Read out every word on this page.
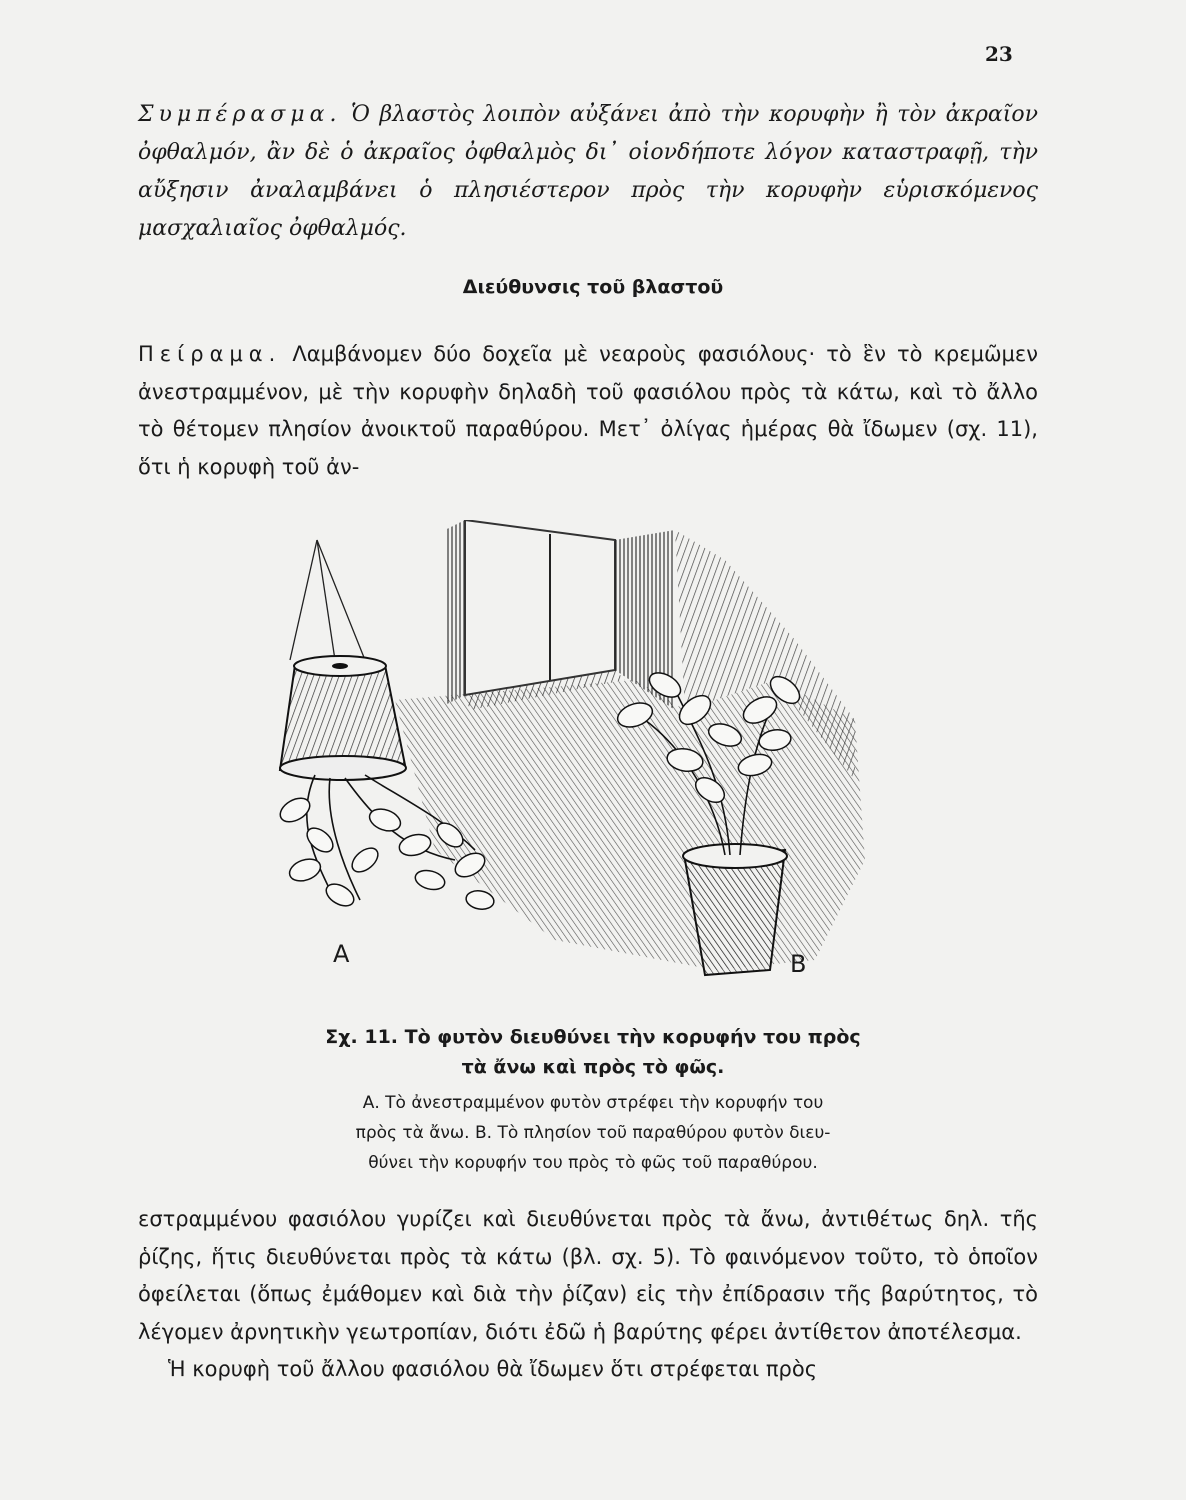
23

Συμπέρασμα. Ὁ βλαστὸς λοιπὸν αὐξάνει ἀπὸ τὴν κορυφὴν ἢ τὸν ἀκραῖον ὀφθαλμόν, ἂν δὲ ὁ ἀκραῖος ὀφθαλμὸς δι᾽ οἱονδήποτε λόγον καταστραφῇ, τὴν αὔξησιν ἀναλαμβάνει ὁ πλησιέστερον πρὸς τὴν κορυφὴν εὑρισκόμενος μασχαλιαῖος ὀφθαλμός.

Διεύθυνσις τοῦ βλαστοῦ

Πείραμα. Λαμβάνομεν δύο δοχεῖα μὲ νεαροὺς φασιόλους· τὸ ἓν τὸ κρεμῶμεν ἀνεστραμμένον, μὲ τὴν κορυφὴν δηλαδὴ τοῦ φασιόλου πρὸς τὰ κάτω, καὶ τὸ ἄλλο τὸ θέτομεν πλησίον ἀνοικτοῦ παραθύρου. Μετ᾽ ὀλίγας ἡμέρας θὰ ἴδωμεν (σχ. 11), ὅτι ἡ κορυφὴ τοῦ ἀν-

Α	Β
Σχ. 11. Τὸ φυτὸν διευθύνει τὴν κορυφήν του πρὸς
τὰ ἄνω καὶ πρὸς τὸ φῶς.
Α. Τὸ ἀνεστραμμένον φυτὸν στρέφει τὴν κορυφήν του
πρὸς τὰ ἄνω. Β. Τὸ πλησίον τοῦ παραθύρου φυτὸν διευ-
θύνει τὴν κορυφήν του πρὸς τὸ φῶς τοῦ παραθύρου.

εστραμμένου φασιόλου γυρίζει καὶ διευθύνεται πρὸς τὰ ἄνω, ἀντιθέτως δηλ. τῆς ῥίζης, ἥτις διευθύνεται πρὸς τὰ κάτω (βλ. σχ. 5). Τὸ φαινόμενον τοῦτο, τὸ ὁποῖον ὀφείλεται (ὅπως ἐμάθομεν καὶ διὰ τὴν ῥίζαν) εἰς τὴν ἐπίδρασιν τῆς βαρύτητος, τὸ λέγομεν ἀρνητικὴν γεωτροπίαν, διότι ἐδῶ ἡ βαρύτης φέρει ἀντίθετον ἀποτέλεσμα.
Ἡ κορυφὴ τοῦ ἄλλου φασιόλου θὰ ἴδωμεν ὅτι στρέφεται πρὸς
